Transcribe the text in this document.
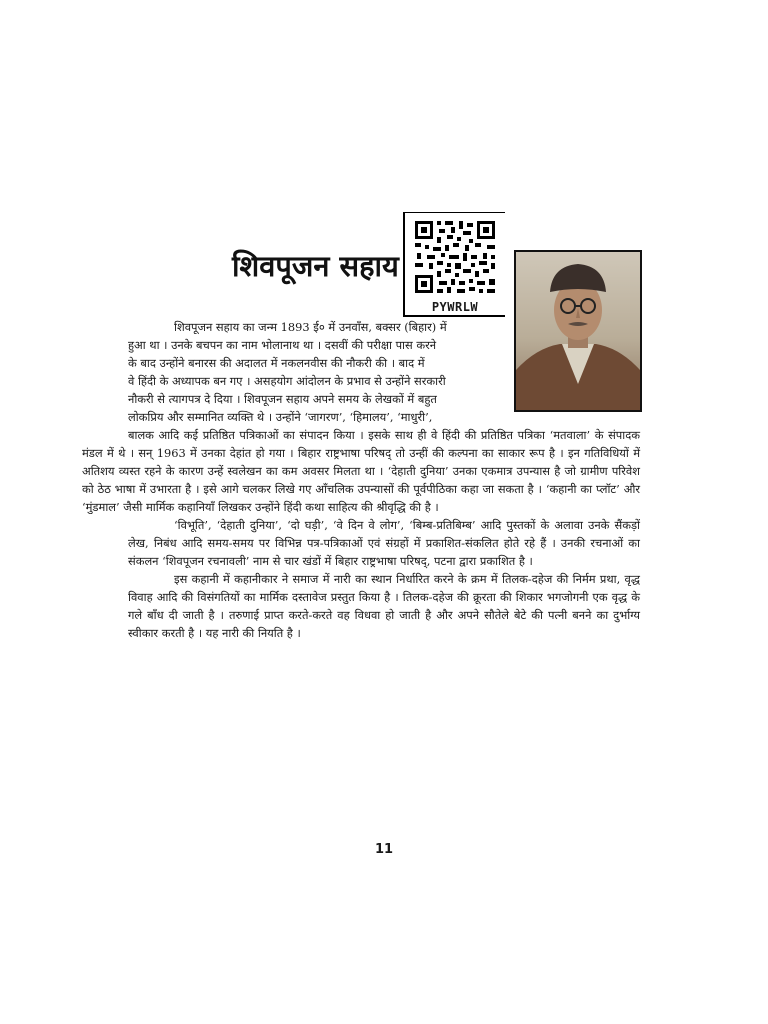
शिवपूजन सहाय
PYWRLW

शिवपूजन सहाय का जन्म 1893 ई० में उनवाँस, बक्सर (बिहार) में
हुआ था । उनके बचपन का नाम भोलानाथ था । दसवीं की परीक्षा पास करने
के बाद उन्होंने बनारस की अदालत में नकलनवीस की नौकरी की । बाद में
वे हिंदी के अध्यापक बन गए । असहयोग आंदोलन के प्रभाव से उन्होंने सरकारी
नौकरी से त्यागपत्र दे दिया । शिवपूजन सहाय अपने समय के लेखकों में बहुत
लोकप्रिय और सम्मानित व्यक्ति थे । उन्होंने ‘जागरण’, ‘हिमालय’, ‘माधुरी’,
बालक आदि कई प्रतिष्ठित पत्रिकाओं का संपादन किया । इसके साथ ही वे हिंदी की प्रतिष्ठित पत्रिका ‘मतवाला’ के संपादक मंडल में थे । सन् 1963 में उनका देहांत हो गया । बिहार राष्ट्रभाषा परिषद् तो उन्हीं की कल्पना का साकार रूप है । इन गतिविधियों में अतिशय व्यस्त रहने के कारण उन्हें स्वलेखन का कम अवसर मिलता था । ‘देहाती दुनिया’ उनका एकमात्र उपन्यास है जो ग्रामीण परिवेश को ठेठ भाषा में उभारता है । इसे आगे चलकर लिखे गए आँचलिक उपन्यासों की पूर्वपीठिका कहा जा सकता है । ‘कहानी का प्लॉट’ और ‘मुंडमाल’ जैसी मार्मिक कहानियाँ लिखकर उन्होंने हिंदी कथा साहित्य की श्रीवृद्धि की है ।

‘विभूति’, ‘देहाती दुनिया’, ‘दो घड़ी’, ‘वे दिन वे लोग’, ‘बिम्ब-प्रतिबिम्ब’ आदि पुस्तकों के अलावा उनके सैंकड़ों लेख, निबंध आदि समय-समय पर विभिन्न पत्र-पत्रिकाओं एवं संग्रहों में प्रकाशित-संकलित होते रहे हैं । उनकी रचनाओं का संकलन ‘शिवपूजन रचनावली’ नाम से चार खंडों में बिहार राष्ट्रभाषा परिषद्, पटना द्वारा प्रकाशित है ।

इस कहानी में कहानीकार ने समाज में नारी का स्थान निर्धारित करने के क्रम में तिलक-दहेज की निर्मम प्रथा, वृद्ध विवाह आदि की विसंगतियों का मार्मिक दस्तावेज प्रस्तुत किया है । तिलक-दहेज की क्रूरता की शिकार भगजोगनी एक वृद्ध के गले बाँध दी जाती है । तरुणाई प्राप्त करते-करते वह विधवा हो जाती है और अपने सौतेले बेटे की पत्नी बनने का दुर्भाग्य स्वीकार करती है । यह नारी की नियति है ।

11
